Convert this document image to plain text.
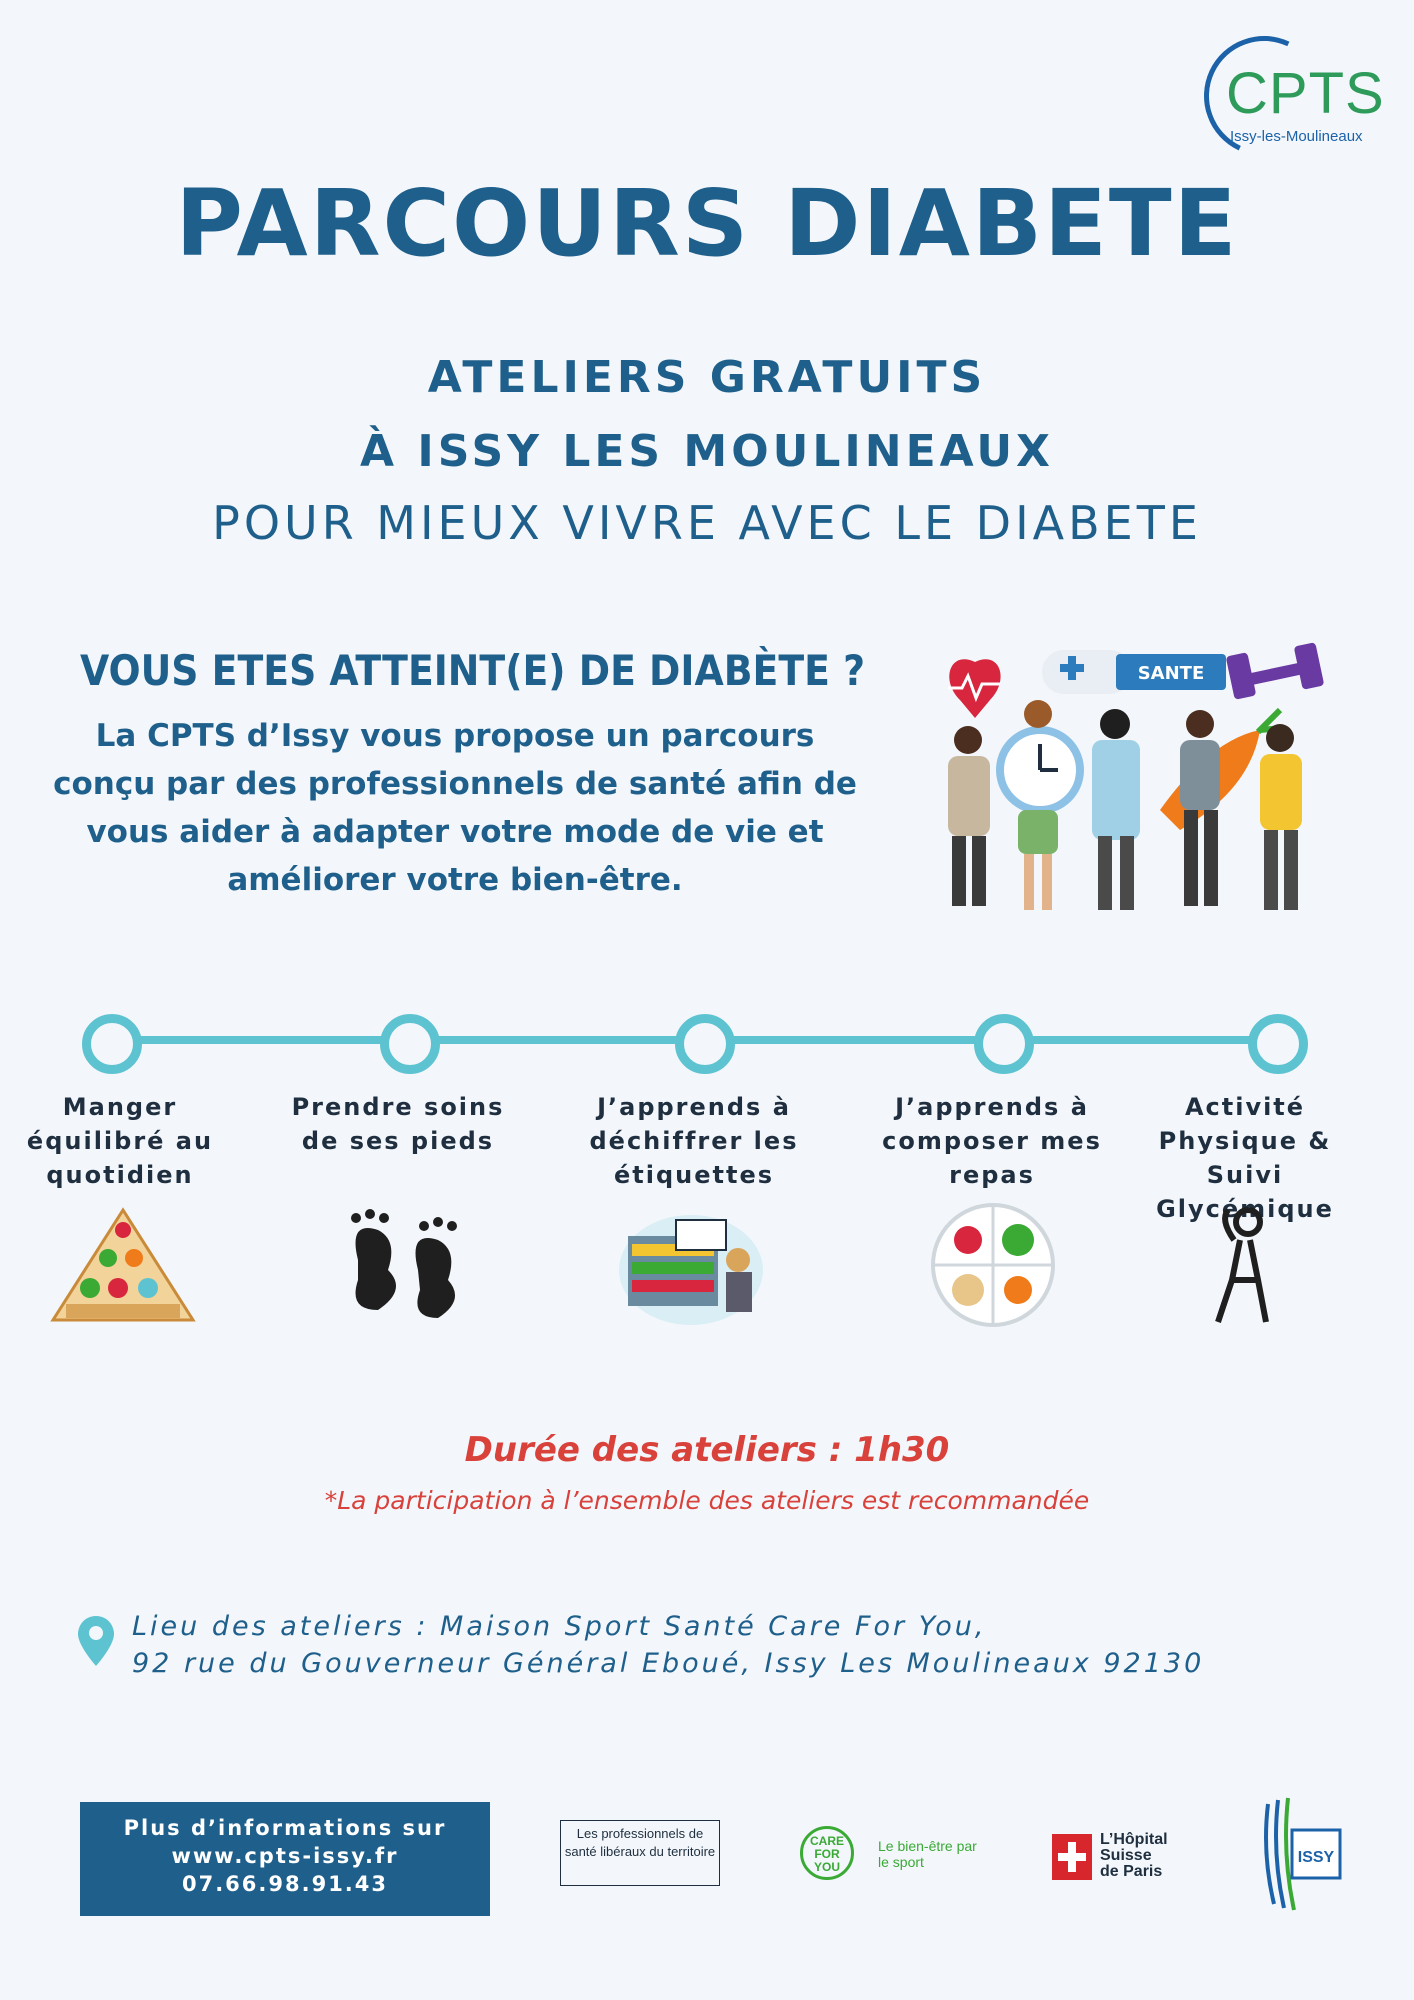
CPTS
Issy-les-Moulineaux
PARCOURS DIABETE
ATELIERS GRATUITS
À ISSY LES MOULINEAUX
POUR MIEUX VIVRE AVEC LE DIABETE
VOUS ETES ATTEINT(E) DE DIABÈTE ?
La CPTS d’Issy vous propose un parcours conçu par des professionnels de santé afin de vous aider à adapter votre mode de vie et améliorer votre bien-être.
SANTE
Manger équilibré au quotidien
Prendre soins de ses pieds
J’apprends à déchiffrer les étiquettes
J’apprends à composer mes repas
Activité Physique & Suivi Glycémique
Durée des ateliers : 1h30
*La participation à l’ensemble des ateliers est recommandée
Lieu des ateliers : Maison Sport Santé Care For You,
92 rue du Gouverneur Général Eboué, Issy Les Moulineaux 92130
Plus d’informations sur
www.cpts-issy.fr
07.66.98.91.43
Les professionnels de santé libéraux du territoire
CARE FOR YOU
Le bien-être par le sport
L’Hôpital
Suisse
de Paris
ISSY
